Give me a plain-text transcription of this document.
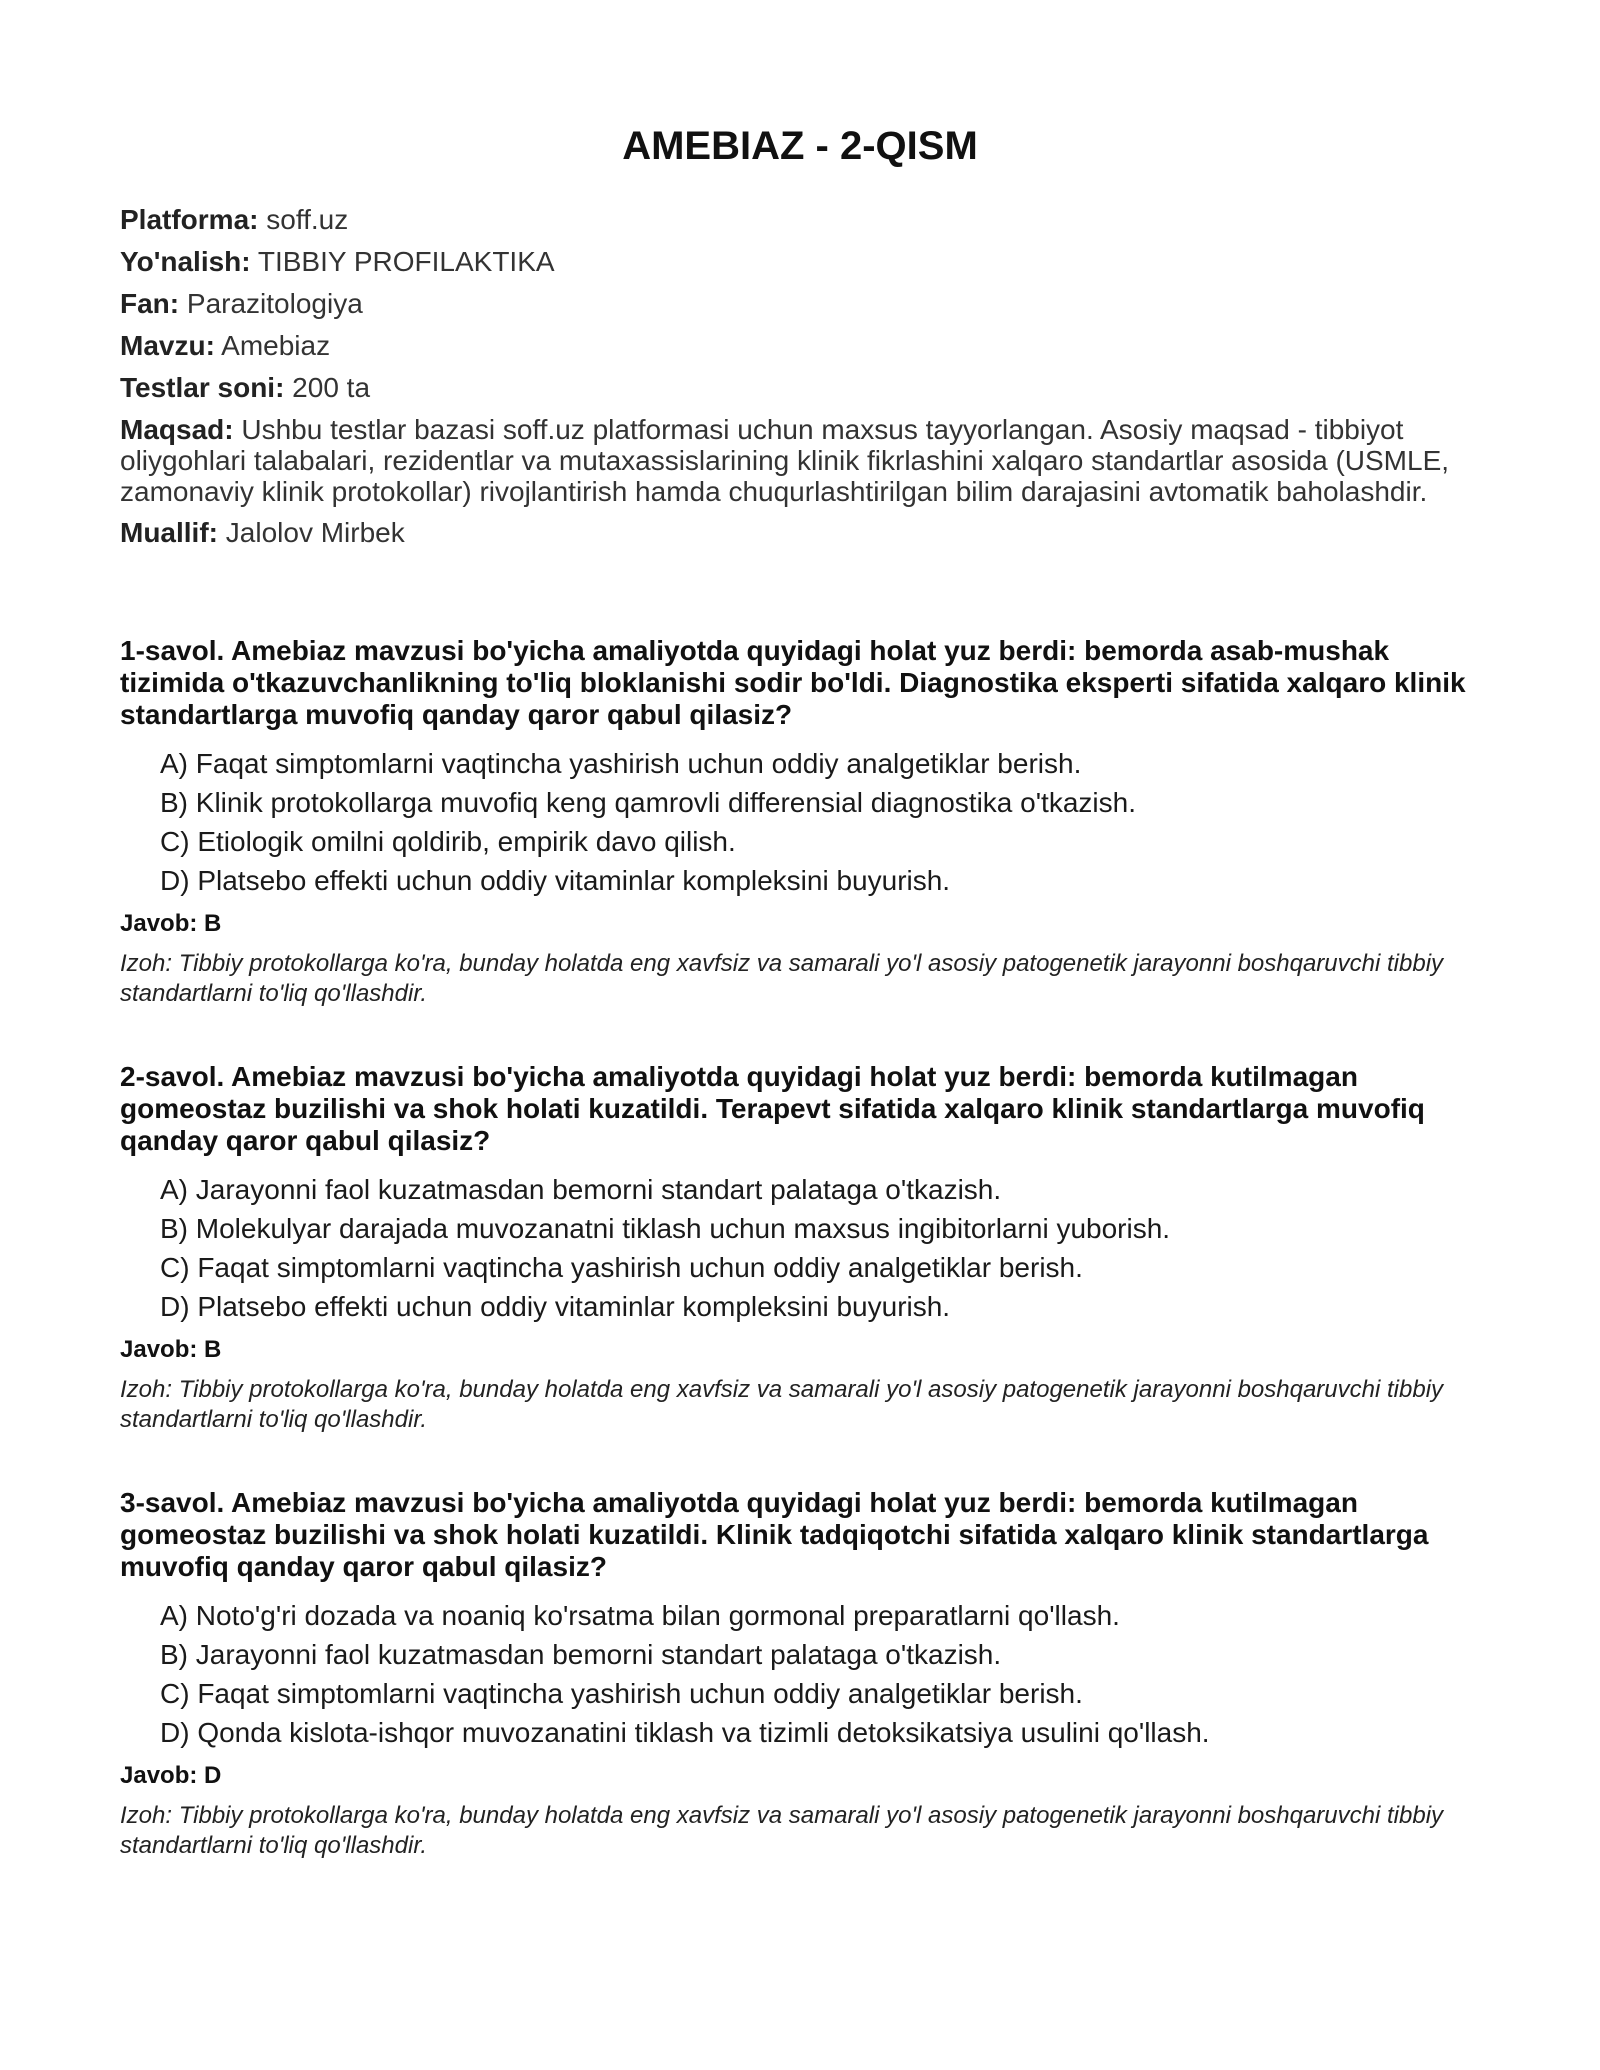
AMEBIAZ - 2-QISM
Platforma: soff.uz
Yo'nalish: TIBBIY PROFILAKTIKA
Fan: Parazitologiya
Mavzu: Amebiaz
Testlar soni: 200 ta
Maqsad: Ushbu testlar bazasi soff.uz platformasi uchun maxsus tayyorlangan. Asosiy maqsad - tibbiyot oliygohlari talabalari, rezidentlar va mutaxassislarining klinik fikrlashini xalqaro standartlar asosida (USMLE, zamonaviy klinik protokollar) rivojlantirish hamda chuqurlashtirilgan bilim darajasini avtomatik baholashdir.
Muallif: Jalolov Mirbek
1-savol. Amebiaz mavzusi bo'yicha amaliyotda quyidagi holat yuz berdi: bemorda asab-mushak tizimida o'tkazuvchanlikning to'liq bloklanishi sodir bo'ldi. Diagnostika eksperti sifatida xalqaro klinik standartlarga muvofiq qanday qaror qabul qilasiz?
A) Faqat simptomlarni vaqtincha yashirish uchun oddiy analgetiklar berish.
B) Klinik protokollarga muvofiq keng qamrovli differensial diagnostika o'tkazish.
C) Etiologik omilni qoldirib, empirik davo qilish.
D) Platsebo effekti uchun oddiy vitaminlar kompleksini buyurish.
Javob: B
Izoh: Tibbiy protokollarga ko'ra, bunday holatda eng xavfsiz va samarali yo'l asosiy patogenetik jarayonni boshqaruvchi tibbiy standartlarni to'liq qo'llashdir.
2-savol. Amebiaz mavzusi bo'yicha amaliyotda quyidagi holat yuz berdi: bemorda kutilmagan gomeostaz buzilishi va shok holati kuzatildi. Terapevt sifatida xalqaro klinik standartlarga muvofiq qanday qaror qabul qilasiz?
A) Jarayonni faol kuzatmasdan bemorni standart palataga o'tkazish.
B) Molekulyar darajada muvozanatni tiklash uchun maxsus ingibitorlarni yuborish.
C) Faqat simptomlarni vaqtincha yashirish uchun oddiy analgetiklar berish.
D) Platsebo effekti uchun oddiy vitaminlar kompleksini buyurish.
Javob: B
Izoh: Tibbiy protokollarga ko'ra, bunday holatda eng xavfsiz va samarali yo'l asosiy patogenetik jarayonni boshqaruvchi tibbiy standartlarni to'liq qo'llashdir.
3-savol. Amebiaz mavzusi bo'yicha amaliyotda quyidagi holat yuz berdi: bemorda kutilmagan gomeostaz buzilishi va shok holati kuzatildi. Klinik tadqiqotchi sifatida xalqaro klinik standartlarga muvofiq qanday qaror qabul qilasiz?
A) Noto'g'ri dozada va noaniq ko'rsatma bilan gormonal preparatlarni qo'llash.
B) Jarayonni faol kuzatmasdan bemorni standart palataga o'tkazish.
C) Faqat simptomlarni vaqtincha yashirish uchun oddiy analgetiklar berish.
D) Qonda kislota-ishqor muvozanatini tiklash va tizimli detoksikatsiya usulini qo'llash.
Javob: D
Izoh: Tibbiy protokollarga ko'ra, bunday holatda eng xavfsiz va samarali yo'l asosiy patogenetik jarayonni boshqaruvchi tibbiy standartlarni to'liq qo'llashdir.
